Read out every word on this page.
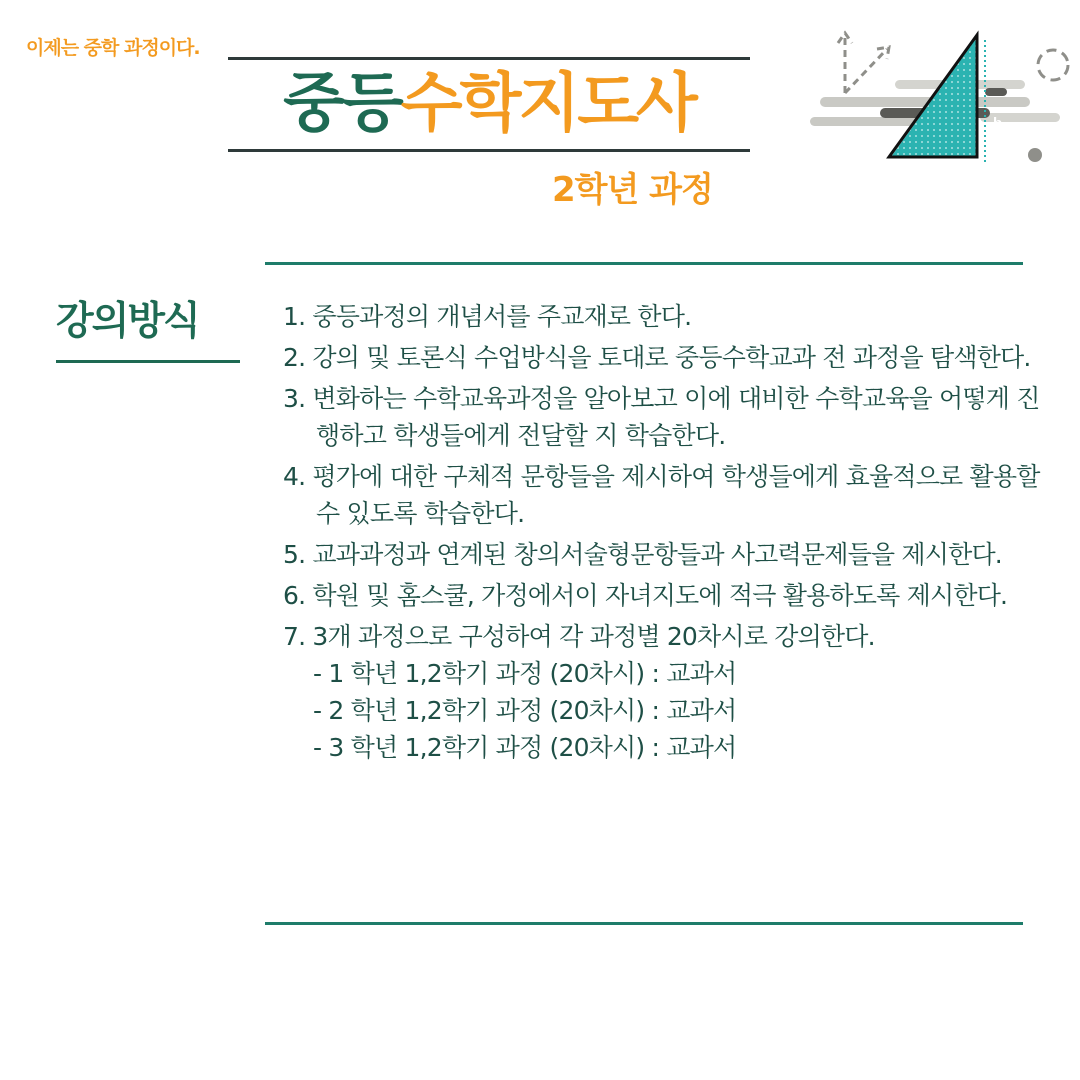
이제는 중학 과정이다.
중등수학지도사
2학년 과정
c
b
강의방식	1. 중등과정의 개념서를 주교재로 한다.
2. 강의 및 토론식 수업방식을 토대로 중등수학교과 전 과정을 탐색한다.
3. 변화하는 수학교육과정을 알아보고 이에 대비한 수학교육을 어떻게 진행하고 학생들에게 전달할 지 학습한다.
4. 평가에 대한 구체적 문항들을 제시하여 학생들에게 효율적으로 활용할 수 있도록 학습한다.
5. 교과과정과 연계된 창의서술형문항들과 사고력문제들을 제시한다.
6. 학원 및 홈스쿨, 가정에서이 자녀지도에 적극 활용하도록 제시한다.
7. 3개 과정으로 구성하여 각 과정별 20차시로 강의한다.
- 1 학년 1,2학기 과정 (20차시) : 교과서
- 2 학년 1,2학기 과정 (20차시) : 교과서
- 3 학년 1,2학기 과정 (20차시) : 교과서
